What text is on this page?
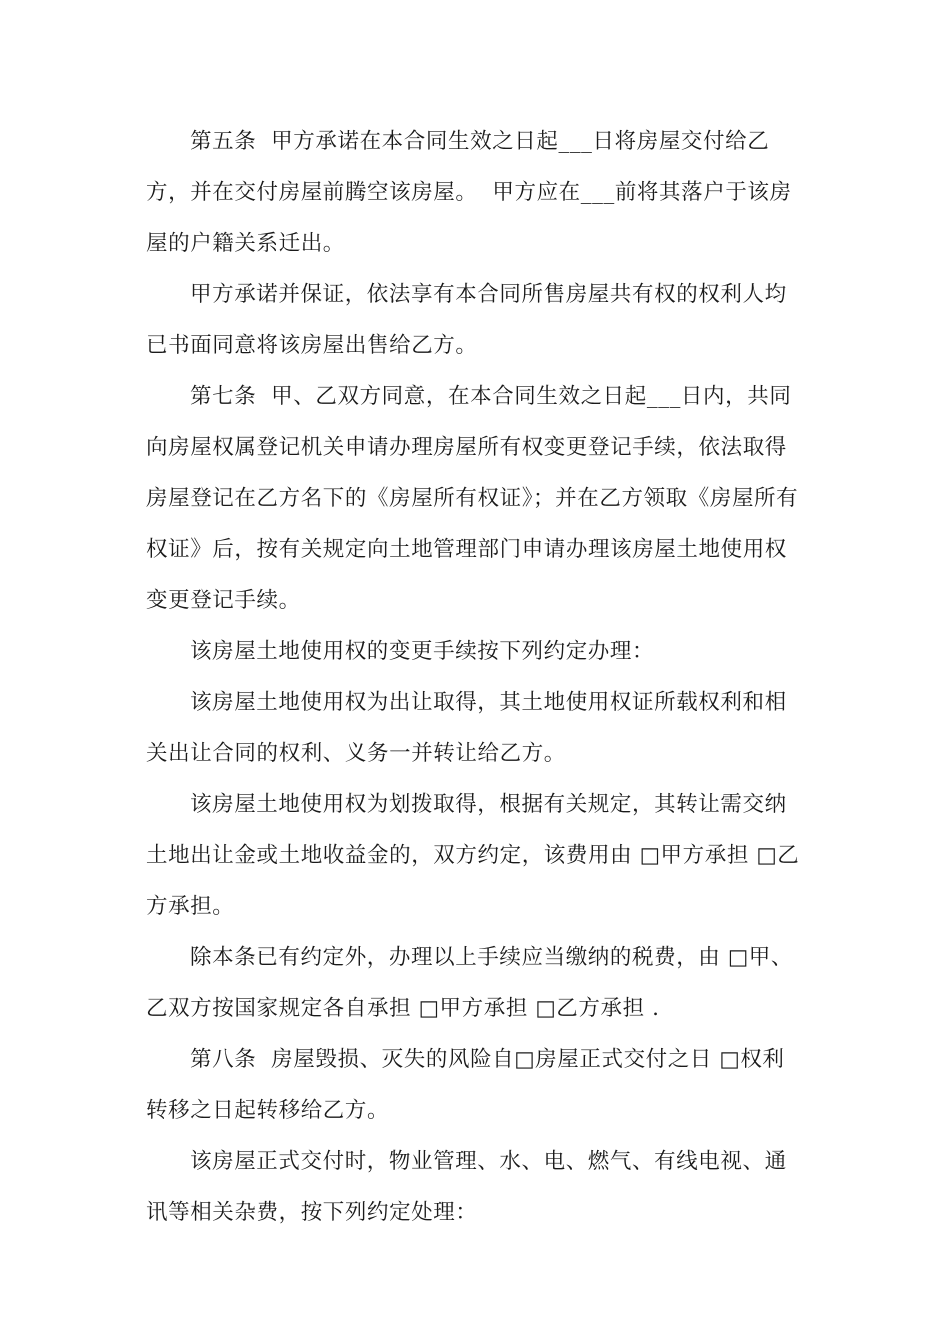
第五条  甲方承诺在本合同生效之日起___日将房屋交付给乙方，并在交付房屋前腾空该房屋。  甲方应在___前将其落户于该房屋的户籍关系迁出。

甲方承诺并保证，依法享有本合同所售房屋共有权的权利人均已书面同意将该房屋出售给乙方。

第七条  甲、乙双方同意，在本合同生效之日起___日内，共同向房屋权属登记机关申请办理房屋所有权变更登记手续，依法取得房屋登记在乙方名下的《房屋所有权证》；并在乙方领取《房屋所有权证》后，按有关规定向土地管理部门申请办理该房屋土地使用权变更登记手续。

该房屋土地使用权的变更手续按下列约定办理：

该房屋土地使用权为出让取得，其土地使用权证所载权利和相关出让合同的权利、义务一并转让给乙方。

该房屋土地使用权为划拨取得，根据有关规定，其转让需交纳土地出让金或土地收益金的，双方约定，该费用由 □甲方承担 □乙方承担。

除本条已有约定外，办理以上手续应当缴纳的税费，由 □甲、乙双方按国家规定各自承担 □甲方承担 □乙方承担 .

第八条  房屋毁损、灭失的风险自□房屋正式交付之日 □权利转移之日起转移给乙方。

该房屋正式交付时，物业管理、水、电、燃气、有线电视、通讯等相关杂费，按下列约定处理：
